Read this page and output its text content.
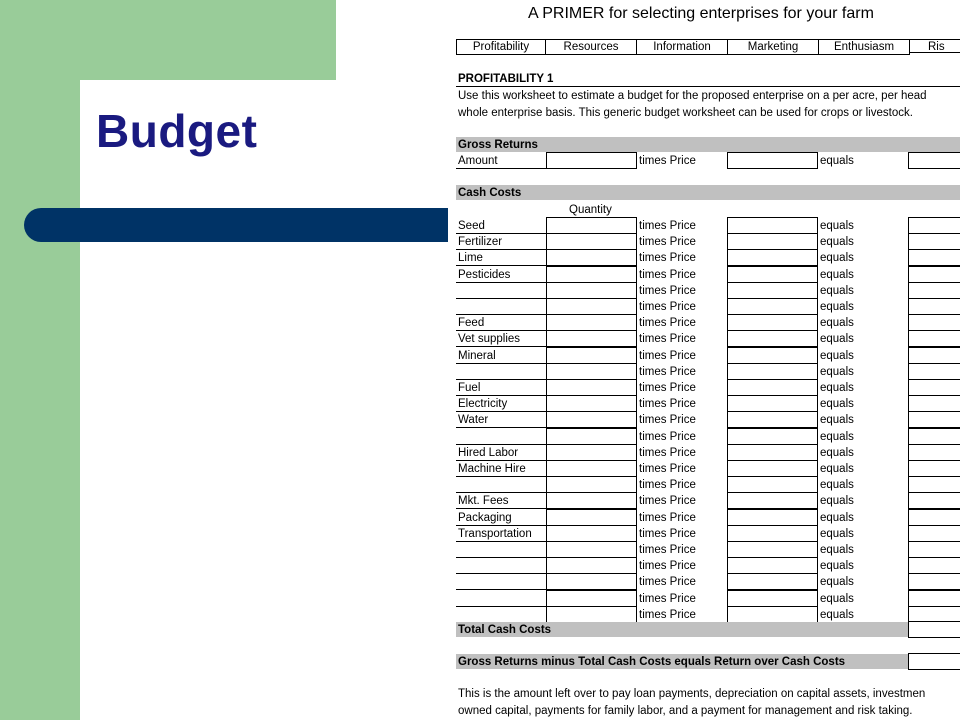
Budget
A PRIMER for selecting enterprises for your farm
Profitability	Resources	Information	Marketing	Enthusiasm	Ris
PROFITABILITY 1
Use this worksheet to estimate a budget for the proposed enterprise on a per acre, per head
whole enterprise basis. This generic budget worksheet can be used for crops or livestock.
Gross Returns
Amount	times Price	equals
Cash Costs
Quantity
Seed	times Price	equals
Fertilizer	times Price	equals
Lime	times Price	equals
Pesticides	times Price	equals
times Price	equals
times Price	equals
Feed	times Price	equals
Vet supplies	times Price	equals
Mineral	times Price	equals
times Price	equals
Fuel	times Price	equals
Electricity	times Price	equals
Water	times Price	equals
times Price	equals
Hired Labor	times Price	equals
Machine Hire	times Price	equals
times Price	equals
Mkt. Fees	times Price	equals
Packaging	times Price	equals
Transportation	times Price	equals
times Price	equals
times Price	equals
times Price	equals
times Price	equals
times Price	equals
Total Cash Costs
Gross Returns minus Total Cash Costs equals Return over Cash Costs
This is the amount left over to pay loan payments, depreciation on capital assets, investmen
owned capital, payments for family labor, and a payment for management and risk taking.
